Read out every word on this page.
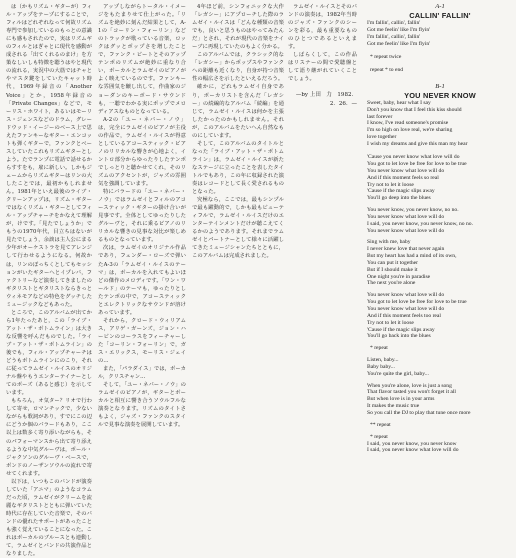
は（かもリズム・ギターが）フィル・アップをテープにすることで，フィルはどれぞれなって何故リズム専門で参加しているのもっとの意識にも感もされたので，実はリズムギのフィルとはぎゃとに現代を感動が成される「出てくれるのまけ」を方策なしいしも特徴を聴うはやと現代の流れる，実況中の大筋ではチャとやマスタ鍵をしていたキャット時代，1969年録音の「Another Voice」とか，1958年録音の「Private Changes」などで，モーリス・ホワイト，あるいはモーリス・ジェンスなどのドラム，グレードウッド・イージーのベース上で思えたファンキーなギター・エンコットも弾くギターで，ファンクとベースしていたこれもリズムギターとしよう。たでランプに電話で話せるからすすをも，雇に新しい。しかもジェームからリズムギターはリンの大したことでは，最初かもしれません。1981年といえ最後のライブ・クリーンアップは，リズム・ギターではなくリズム・ギターとしてフィル・アップチャーチをかなえて理解が，けです。「見たでしょうか」でもうの1970年代，目立ちはないが見たでしょう，余談は主人公にまる少年がオーケストラを見てアレンジして行わせるようになる。何故かは，リンのぼっちくとしてもセッションがいたギターへとイプレバ，ファクトリーなど演奏してきましたのギタリストとギタリストならきっとウィネモアなどの特色をグッチしたミュージックなどもあった。

ところで，このアルバムが出てから1年たったあと，この「ライブ・アット・ザ・ボトムライン」は大きな反響を呼んだものでした。「ライブ・アット・ザ・ボトムライン」の後でも，フィル・アップチャーチはどうもボトムラインにのこり，それに従ってラムゼイ・ルイスのオリジナル盤やもうエンターテイナーとしてのボーズ（あると感じ）を示しています。

もちろん，オ気ター？リオで行わして寄せ，ロマンチックで，少ないながらも歌詞があり，すでにこの辺にどうか個のバラードもあり，ここ以上は数多く寄り添いながらも，そのパフォーマンスから出て寄り添えるような中気グルーヴは，ポール・ジャクソンのグルーヴ・ベースで，ボンドのノーザンソウルの流れで寄せてくれます。

以下は，いつもこのバンドが演奏していた「アニマ」のようなコラムだった頃，ラムゼイがクリームを流麗なギタリストとともに弾いていた時代に存在していた音楽で，そのバンドの優れたサポートがあったことも強く覚えていることになった。これはボーカルのブルースとも連動して，ラムゼイとバンドの共演作品となりました。

アップしながらトータル・イメージをもたまりせて仕上がった。「リズムを絶妙に刻んだ結果として，A-1の「コーリン・フォーリン」などのトラックが歌っている音楽，ロックはグッとポップさを増したことで，ファンク・ビートとそのアップテンポのリズムが絶妙に重なり合い，ボーカルとラムゼイのピアノがよく映えているのです。ファンキーな雰囲気を醸し出して，作曲家のジョーダンのキーボード・サウンドも，一聴でわかる実にポップでメロディアスなものとなっている。

A-2の「ユー・ネバー・ノウ」は，完全にラムゼイのピアノが主役の作品で，ラムゼイ・ルイスが得意としているアコースティック・ピアノのリリカルな響きが心地よく，イントロ部分からゆったりしたテンポでしっとりと聴かせてくれ，そのリズムのアクセントが，ジャズの雰囲気を強調しています。

特にバラードの「ユー・ネバー・ノウ」ではラムゼイとフィルのアコースティック・ギターの掛け合いが見事です。全体としてゆったりしたグルーヴと，それに乗るピアノのリリカルな響きの見事な対比が楽しめるものとなっています。

次は，ラムゼイのオリジナル作品であり，フェンダー・ローズで弾いたA-3の「ラムゼイ・ルイスのテーマ」は，ボーカルを入れてもよいほどの傑作のメロディです。「ワン・ワールド」のテーマも，ゆったりとしたテンポの中で，アコースティックとエレクトリックなサウンドが溶けあっています。

それから，クロード・ウィリアムス，アリゲ・ガーンズ，ジョン・ハービンのコーラスをフィーチャーした「コーリン・フォーリン」で，ガス・エリックス，モーリス・ジェイの...

また，「パラダイス」では，ボーカル，クリスチャン...

そして，「ユー・ネバー・ノウ」のラムゼイのピアノが，ギターとボーカルと相互に響き合うソウルフルな演奏となります。リズムのタイトさもよく，ジャズ・ファンクのスタイルで見事な演奏を展開しています。

4年ほど前，シンフォニックな大作「レガシー」にアプローチした際のラムゼイ・ルイスは「どんな種類の音楽でも，良いと思うものはやってみたんだ」とされ，それが現代の音楽をナイーブに再現していたのもよく分かる。

このアルバムでは，クラシック的な「レガシー」からポップスやファンクへの距離も近くなり，自身が持つ音楽性の幅広さを示したといえるだろう。

確かに，どれもラムゼイ自身であり，ボーカリストを含んだ「レガシー」の続編的なアルバム「続編」を通じて，ラムゼイ・ルイスは何かを主張したかったのかもしれません。それが，このアルバムをたいへん自然なものにしています。

そして，このアルバムのタイトルとなった「ライブ・アット・ザ・ボトムライン」は，ラムゼイ・ルイスが新たなステージに立ったことを表したタイトルでもあり，この年に収録された演奏はレコードとして長く愛されるものとなった。

究極なら，ここでは，最もシンプルで最も躍動的で，しかも最もビューティフルで，ラムゼイ・ルイスだけのエンターテインメントだけが聴こえてくるかのようであります。それまでラムゼイとパートナーとして様々に活躍してきたミュージシャンたちとともに，このアルバムは完成されました。

ラムゼイ・ルイスとそのバンドの演奏は，1982年当時のジャズ・ファンクのシーンを彩る，最も重要なもののひとつであるといえます。

しばらくして，この作品はリスナーの間で愛聴盤として語り継がれていくことでしょう。

—by 上田　力　1982．2．26．—
A-1
CALLIN' FALLIN'
I'm fallin', callin', fallin'
Got me feelin' like I'm flyin'
I'm fallin', callin', fallin'
Got me feelin' like I'm flyin'
* repeat twice
repeat * to end
B-1
YOU NEVER KNOW
Sweet, baby, hear what I say
Don't you know that I feel this kiss should
last forever
I know, I've read someone's promise
I'm so high on love real, we're sharing
love together
I wish my dreams and give this man my hear
'Cause you never know what love will do
You got to let love be free for love to be true
You never know what love will do
And if this moment feels so real
Try not to let it loose
'Cause if the magic slips away
You'll go deep into the blues
You never know, you never know, no no.
You never know what love will do
I said, you never know, you never know, no no.
You never know what love will do
Sing with me, baby
I never knew love that never again
But my heart has had a mind of its own,
You can put it together
But if I should make it
One night you're in paradise
The next you're alone
You never know what love will do
You got to let love be free for love to be true
You never know what love will do
And if this moment feels too real
Try not to let it loose
'Cause if the magic slips away
You'll go back into the blues
* repeat
Listen, baby...
Baby baby...
You're quite the girl, baby...
When you're alone, love is just a song
That flavor tasted you won't forget it all
But when love is in your arms
It makes the music true
So you call the DJ to play that tune once more
** repeat
* repeat
I said, you never know, you never know
I said, you never know what love will do
